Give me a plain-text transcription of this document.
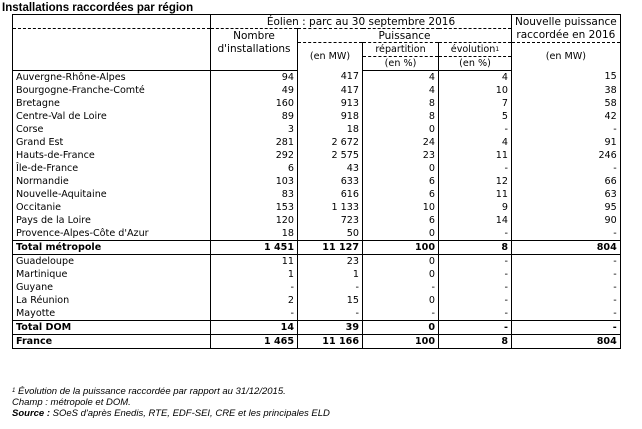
Installations raccordées par région
	Éolien : parc au 30 septembre 2016				Nouvelle puissance
	Nombre
d'installations	Puissance			raccordée en 2016
		(en MW)	répartition	évolution$^1$	(en MW)
			(en %)	(en %)	
Auvergne-Rhône-Alpes	94	417	4	4	15
Bourgogne-Franche-Comté	49	417	4	10	38
Bretagne	160	913	8	7	58
Centre-Val de Loire	89	918	8	5	42
Corse	3	18	0	-	-
Grand Est	281	2 672	24	4	91
Hauts-de-France	292	2 575	23	11	246
Île-de-France	6	43	0	-	-
Normandie	103	633	6	12	66
Nouvelle-Aquitaine	83	616	6	11	63
Occitanie	153	1 133	10	9	95
Pays de la Loire	120	723	6	14	90
Provence-Alpes-Côte d'Azur	18	50	0	-	-
Total métropole	1 451	11 127	100	8	804
Guadeloupe	11	23	0	-	-
Martinique	1	1	0	-	-
Guyane	-	-	-	-	-
La Réunion	2	15	0	-	-
Mayotte	-	-	-	-	-
Total DOM	14	39	0	-	-
France	1 465	11 166	100	8	804
$^1$ Évolution de la puissance raccordée par rapport au 31/12/2015.
Champ : métropole et DOM.
Source : SOeS d'après Enedis, RTE, EDF-SEI, CRE et les principales ELD
